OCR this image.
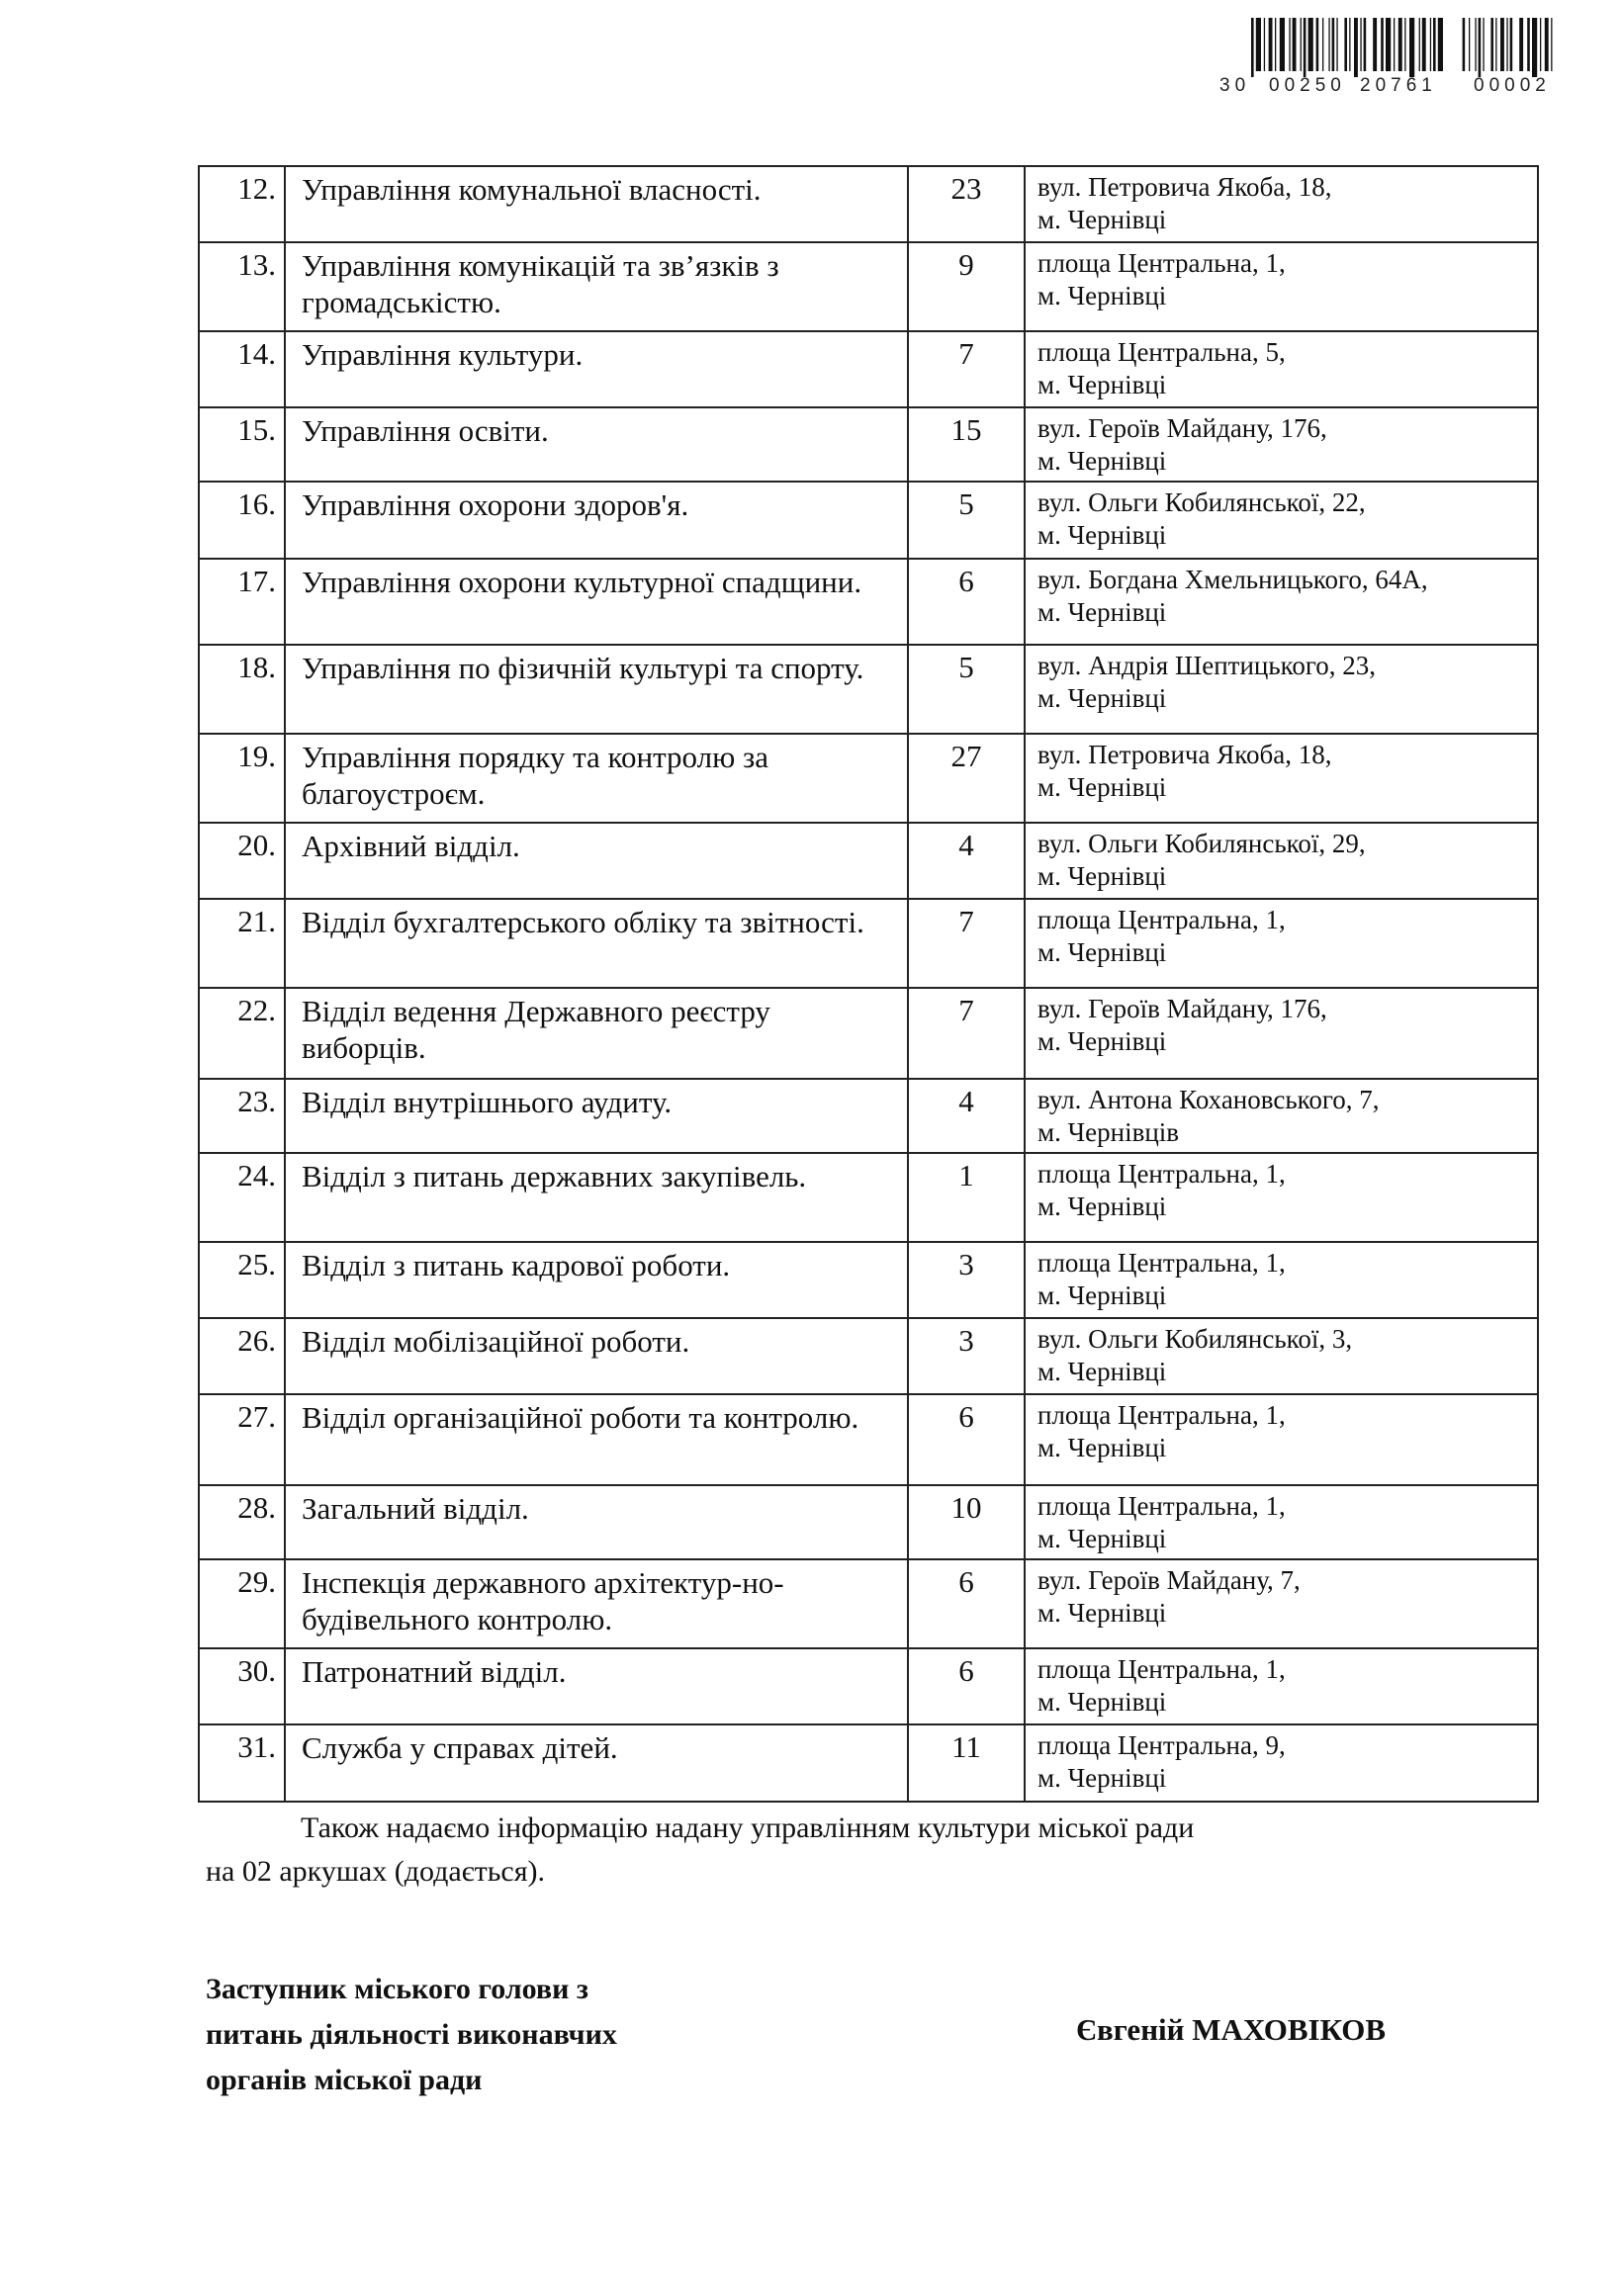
30 00250 20761 00002
12.	Управління комунальної власності.	23	вул. Петровича Якоба, 18,
м. Чернівці

13.	Управління комунікацій та зв’язків з громадськістю.	9	площа Центральна, 1,
м. Чернівці

14.	Управління культури.	7	площа Центральна, 5,
м. Чернівці

15.	Управління освіти.	15	вул. Героїв Майдану, 176,
м. Чернівці

16.	Управління охорони здоров'я.	5	вул. Ольги Кобилянської, 22,
м. Чернівці

17.	Управління охорони культурної спадщини.	6	вул. Богдана Хмельницького, 64А,
м. Чернівці

18.	Управління по фізичній культурі та спорту.	5	вул. Андрія Шептицького, 23,
м. Чернівці

19.	Управління порядку та контролю за благоустроєм.	27	вул. Петровича Якоба, 18,
м. Чернівці

20.	Архівний відділ.	4	вул. Ольги Кобилянської, 29,
м. Чернівці

21.	Відділ бухгалтерського обліку та звітності.	7	площа Центральна, 1,
м. Чернівці

22.	Відділ ведення Державного реєстру виборців.	7	вул. Героїв Майдану, 176,
м. Чернівці

23.	Відділ внутрішнього аудиту.	4	вул. Антона Кохановського, 7,
м. Чернівців

24.	Відділ з питань державних закупівель.	1	площа Центральна, 1,
м. Чернівці

25.	Відділ з питань кадрової роботи.	3	площа Центральна, 1,
м. Чернівці

26.	Відділ мобілізаційної роботи.	3	вул. Ольги Кобилянської, 3,
м. Чернівці

27.	Відділ організаційної роботи та контролю.	6	площа Центральна, 1,
м. Чернівці

28.	Загальний відділ.	10	площа Центральна, 1,
м. Чернівці

29.	Інспекція державного архітектур-но-будівельного контролю.	6	вул. Героїв Майдану, 7,
м. Чернівці

30.	Патронатний відділ.	6	площа Центральна, 1,
м. Чернівці

31.	Служба у справах дітей.	11	площа Центральна, 9,
м. Чернівці
Також надаємо інформацію надану управлінням культури міської ради
на 02 аркушах (додається).
Заступник міського голови з
питань діяльності виконавчих
органів міської ради
Євгеній МАХОВІКОВ
